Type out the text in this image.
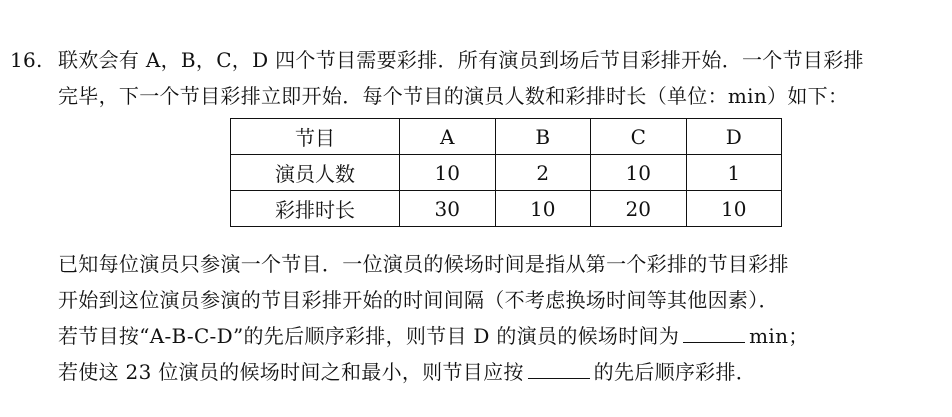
16. 联欢会有 A，B，C，D 四个节目需要彩排．所有演员到场后节目彩排开始．一个节目彩排
完毕，下一个节目彩排立即开始．每个节目的演员人数和彩排时长（单位：min）如下：
节目	A	B	C	D
演员人数	10	2	10	1
彩排时长	30	10	20	10
已知每位演员只参演一个节目．一位演员的候场时间是指从第一个彩排的节目彩排
开始到这位演员参演的节目彩排开始的时间间隔（不考虑换场时间等其他因素）．
若节目按“A-B-C-D”的先后顺序彩排，则节目 D 的演员的候场时间为	min；
若使这 23 位演员的候场时间之和最小，则节目应按	的先后顺序彩排．
